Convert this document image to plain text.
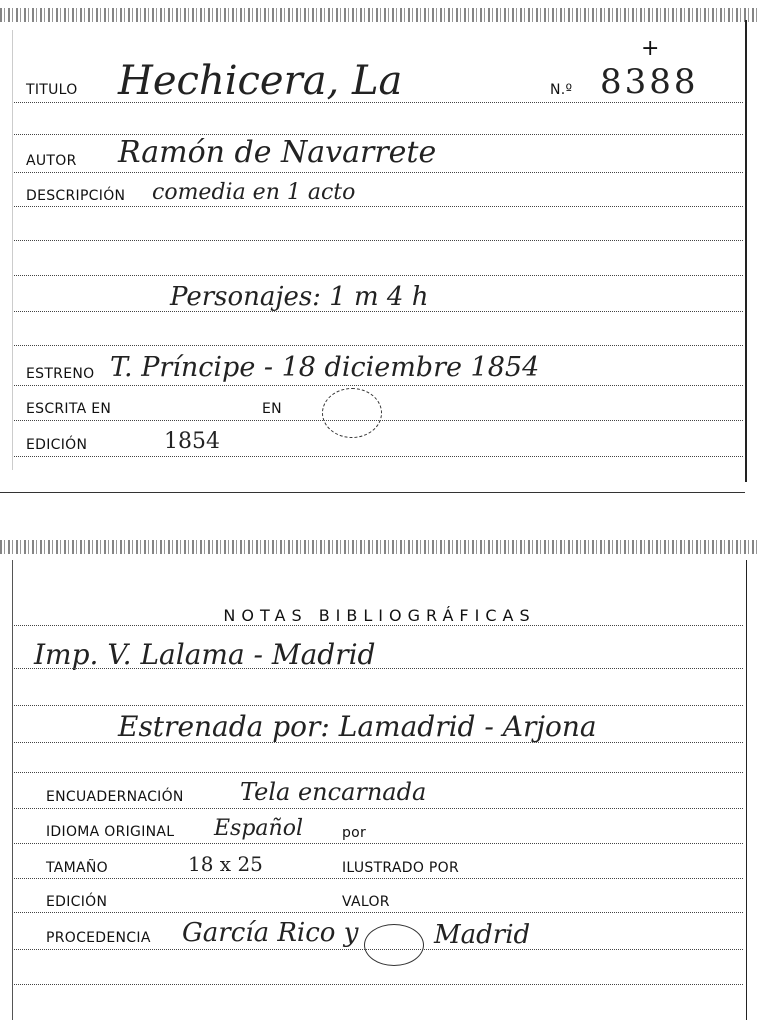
+
TITULO Hechicera, La	N.º 8388
AUTOR Ramón de Navarrete
DESCRIPCIÓN comedia en 1 acto
Personajes: 1 m 4 h
ESTRENO T. Príncipe - 18 diciembre 1854
ESCRITA EN	EN
EDICIÓN	1854
NOTAS BIBLIOGRÁFICAS
Imp. V. Lalama - Madrid
Estrenada por: Lamadrid - Arjona
ENCUADERNACIÓN Tela encarnada
IDIOMA ORIGINAL Español	por
TAMAÑO	18 x 25	ILUSTRADO POR
EDICIÓN	VALOR
PROCEDENCIA García Rico y	Madrid
